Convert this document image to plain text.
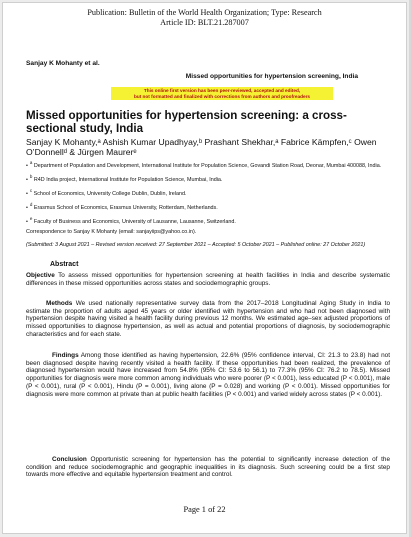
Publication: Bulletin of the World Health Organization; Type: Research
Article ID: BLT.21.287007
Sanjay K Mohanty et al.
Missed opportunities for hypertension screening, India
This online first version has been peer-reviewed, accepted and edited,
but not formatted and finalized with corrections from authors and proofreaders
Missed opportunities for hypertension screening: a cross-sectional study, India

Sanjay K Mohanty,ᵃ Ashish Kumar Upadhyay,ᵇ Prashant Shekhar,ᵃ Fabrice Kämpfen,ᶜ Owen O’Donnellᵈ & Jürgen Maurerᵉ

•$^a$ Department of Population and Development, International Institute for Population Science, Govandi Station Road, Deonar, Mumbai 400088, India.

•$^b$ R4D India project, International Institute for Population Science, Mumbai, India.

•$^c$ School of Economics, University College Dublin, Dublin, Ireland.

•$^d$ Erasmus School of Economics, Erasmus University, Rotterdam, Netherlands.

•$^e$ Faculty of Business and Economics, University of Lausanne, Lausanne, Switzerland.

Correspondence to Sanjay K Mohanty (email: sanjayiips@yahoo.co.in).

(Submitted: 3 August 2021 – Revised version received: 27 September 2021 – Accepted: 5 October 2021 – Published online: 27 October 2021)
Abstract

Objective To assess missed opportunities for hypertension screening at health facilities in India and describe systematic differences in these missed opportunities across states and sociodemographic groups.

Methods We used nationally representative survey data from the 2017–2018 Longitudinal Aging Study in India to estimate the proportion of adults aged 45 years or older identified with hypertension and who had not been diagnosed with hypertension despite having visited a health facility during previous 12 months. We estimated age–sex adjusted proportions of missed opportunities to diagnose hypertension, as well as actual and potential proportions of diagnosis, by sociodemographic characteristics and for each state.

Findings Among those identified as having hypertension, 22.6% (95% confidence interval, CI: 21.3 to 23.8) had not been diagnosed despite having recently visited a health facility. If these opportunities had been realized, the prevalence of diagnosed hypertension would have increased from 54.8% (95% CI: 53.6 to 56.1) to 77.3% (95% CI: 76.2 to 78.5). Missed opportunities for diagnosis were more common among individuals who were poorer (P < 0.001), less educated (P < 0.001), male (P < 0.001), rural (P < 0.001), Hindu (P = 0.001), living alone (P = 0.028) and working (P < 0.001). Missed opportunities for diagnosis were more common at private than at public health facilities (P < 0.001) and varied widely across states (P < 0.001).

Conclusion Opportunistic screening for hypertension has the potential to significantly increase detection of the condition and reduce sociodemographic and geographic inequalities in its diagnosis. Such screening could be a first step towards more effective and equitable hypertension treatment and control.

Page 1 of 22
